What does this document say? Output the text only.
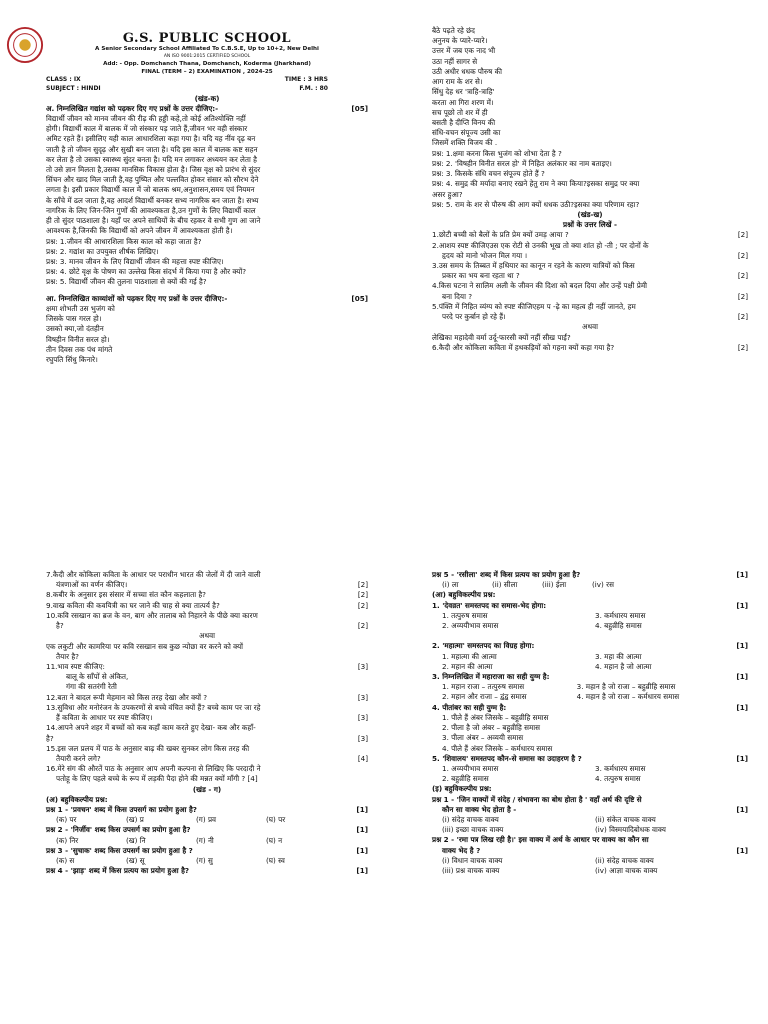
G.S. PUBLIC SCHOOL
A Senior Secondary School Affiliated To C.B.S.E, Up to 10+2, New Delhi
AN ISO 9001:2015 CERTIFIED SCHOOL
Add: - Opp. Domchanch Thana, Domchanch, Koderma (Jharkhand)
FINAL (TERM – 2) EXAMINATION , 2024-25
CLASS : IX	TIME : 3 HRS
SUBJECT : HINDI	F.M. : 80
(खंड-क)
अ. निम्नलिखित गद्यांश को पढ़कर दिए गए प्रश्नों के उत्तर दीजिए:-	[05]
विद्यार्थी जीवन को मानव जीवन की रीढ़ की हड्डी कहे,तो कोई अतिश्योक्ति नहीं
होगी। विद्यार्थी काल में बालक में जो संस्कार पड़ जाते हैं,जीवन भर वही संस्कार
अमिट रहते हैं। इसीलिए यही काल आधारशिला कहा गया है। यदि यह नींव दृढ़ बन
जाती है तो जीवन सुदृढ़ और सुखी बन जाता है। यदि इस काल में बालक कष्ट सहन
कर लेता है तो उसका स्वास्थ्य सुंदर बनता है। यदि मन लगाकर अध्ययन कर लेता है
तो उसे ज्ञान मिलता है,उसका मानसिक विकास होता है। जिस वृक्ष को प्रारंभ से सुंदर
सिंचन और खाद मिल जाती है,वह पुष्पित और पल्लवित होकर संसार को सौरभ देने
लगता है। इसी प्रकार विद्यार्थी काल में जो बालक श्रम,अनुशासन,समय एवं नियमन
के साँचे में ढल जाता है,वह आदर्श विद्यार्थी बनकर सभ्य नागरिक बन जाता है। सभ्य
नागरिक के लिए जिन-जिन गुणों की आवश्यकता है,उन गुणों के लिए विद्यार्थी काल
ही तो सुंदर पाठशाला है। यहाँ पर अपने साथियों के बीच रहकर वे सभी गुण आ जाने
आवश्यक है,जिनकी कि विद्यार्थी को अपने जीवन में आवश्यकता होती है।
प्रश्न: 1.जीवन की आधारशिला किस काल को कहा जाता है?
प्रश्न: 2. गद्यांश का उपयुक्त शीर्षक लिखिए।
प्रश्न: 3. मानव जीवन के लिए विद्यार्थी जीवन की महत्ता स्पष्ट कीजिए।
प्रश्न: 4. छोटे वृक्ष के पोषण का उल्लेख किस संदर्भ में किया गया है और क्यों?
प्रश्न: 5. विद्यार्थी जीवन की तुलना पाठशाला से क्यों की गई है?
आ. निम्नलिखित काव्यांशों को पढ़कर दिए गए प्रश्नों के उत्तर दीजिए:-	[05]
क्षमा शोभती उस भुजंग को
जिसके पास गरल हो।
उसको क्या,जो दंतहीन
विषहीन विनीत सरल हो।
तीन दिवस तक पंथ मांगते
रघुपति सिंधु किनारे।
बैठे पढ़ते रहे छंद
अनुनय के प्यारे-प्यारे।
उत्तर में जब एक नाद भी
उठा नहीं सागर से
उठी अधीर धधक पौरुष की
आग राम के शर से।
सिंधु देह धर 'त्राहि-त्राहि'
करता आ गिरा शरण में।
सच पूछो तो शर में ही
बसती है दीप्ति विनय की
संधि-वचन संपूज्य उसी का
जिसमें शक्ति विजय की .
प्रश्न: 1.क्षमा करना किस भुजंग को शोभा देता है ?
प्रश्न: 2. 'विषहीन विनीत सरल हो' में निहित अलंकार का नाम बताइए।
प्रश्न: 3. किसके संधि वचन संपूज्य होते हैं ?
प्रश्न: 4. समुद्र की मर्यादा बनाए रखने हेतु राम ने क्या किया?इसका समुद्र पर क्या
असर हुआ?
प्रश्न: 5. राम के शर से पौरुष की आग क्यों धधक उठी?इसका क्या परिणाम रहा?
(खंड-ख)
प्रश्नों के उत्तर लिखें -
1.छोटी बच्ची को बैलों के प्रति प्रेम क्यों उमड़ आया ?	[2]
2.आशय स्पष्ट कीजिएउस एक रोटी से उनकी भूख तो क्या शांत हो -ती ; पर दोनों के
हृदय को मानो भोजन मिल गया ।	[2]
3.उस समय के तिब्बत में हथियार का कानून न रहने के कारण यात्रियों को किस
प्रकार का भय बना रहता था ?	[2]
4.किस घटना ने सालिम अली के जीवन की दिशा को बदल दिया और उन्हें पक्षी प्रेमी
बना दिया ?	[2]
5.पंक्ति में निहित व्यंग्य को स्पष्ट कीजिएहम प -ढ़े का महत्व ही नहीं जानते, हम
परदे पर कुर्बान हो रहे हैं।	[2]
अथवा
लेखिका महादेवी वर्मा उर्दू-फारसी क्यों नहीं सीख पाईं?
6.कैदी और कोकिला कविता में हथकड़ियों को गहना क्यों कहा गया है?	[2]
7.कैदी और कोकिला कविता के आधार पर पराधीन भारत की जेलों में दी जाने वाली
यंत्रणाओं का वर्णन कीजिए।	[2]
8.कबीर के अनुसार इस संसार में सच्चा संत कौन कहलाता है?	[2]
9.वाख कविता की कवयित्री का घर जाने की चाह से क्या तात्पर्य है?	[2]
10.कवि रसखान का ब्रज के वन, बाग और तालाब को निहारने के पीछे क्या कारण
है?	[2]
अथवा
एक लकुटी और कामरिया पर कवि रसखान सब कुछ न्योछा वर करने को क्यों
तैयार है?
11.भाव स्पष्ट कीजिए:	[3]
बालू के साँपों से अंकित,
गंगा की सतरंगी रेती
12.बता ने बादल रूपी मेहमान को किस तरह देखा और क्यों ?	[3]
13.सुविधा और मनोरंजन के उपकरणों से बच्चे वंचित क्यों हैं? बच्चे काम पर जा रहे
हैं कविता के आधार पर स्पष्ट कीजिए।	[3]
14.आपने अपने शहर में बच्चों को कब कहाँ काम करते हुए देखा- कब और कहाँ-
है?	[3]
15.इस जल प्रलय में पाठ के अनुसार बाढ़ की खबर सुनकर लोग किस तरह की
तैयारी करने लगे?	[4]
16.मेरे संग की औरतें पाठ के अनुसार आप अपनी कल्पना से लिखिए कि परदादी ने
पतोहू के लिए पहले बच्चे के रूप में लड़की पैदा होने की मन्नत क्यों माँगी ? [4]
(खंड - ग)
(अ) बहुविकल्पीय प्रश्न:
प्रश्न 1 - 'प्रवचन' शब्द में किस उपसर्ग का प्रयोग हुआ है?	[1]
(क) पर	(ख) प्र	(ग) प्रव	(घ) पर
प्रश्न 2 - 'निर्जीव' शब्द किस उपसर्ग का प्रयोग हुआ है?	[1]
(क) निर	(ख) नि	(ग) नी	(घ) न
प्रश्न 3 - 'सुचाक' शब्द किस उपसर्ग का प्रयोग हुआ है ?	[1]
(क) स	(ख) सू	(ग) सु	(घ) स्व
प्रश्न 4 - 'झाड़' शब्द में किस प्रत्यय का प्रयोग हुआ है?	[1]
प्रश्न 5 - 'रसीला' शब्द में किस प्रत्यय का प्रयोग हुआ है?	[1]
(i) ला	(ii) सीला	(iii) ईला	(iv) रस
(आ) बहुविकल्पीय प्रश्न:
1. 'देवव्रत' समस्तपद का समास-भेद होगा:	[1]
1. तत्पुरुष समास	3. कर्मधारय समास
2. अव्ययीभाव समास	4. बहुव्रीहि समास
2. 'महात्मा' समस्तपद का विग्रह होगा:	[1]
1. महात्मा की आत्मा	3. महा की आत्मा
2. महान की आत्मा	4. महान है जो आत्मा
3. निम्नलिखित में महाराजा का सही युग्म है:	[1]
1. महान राजा – तत्पुरुष समास	3. महान है जो राजा – बहुव्रीहि समास
2. महान और राजा – द्वंद्व समास	4. महान है जो राजा – कर्मधारय समास
4. पीतांबर का सही युग्म है:	[1]
1. पीले हैं अंबर जिसके – बहुव्रीहि समास
2. पीला है जो अंबर – बहुव्रीहि समास
3. पीला अंबर – अव्ययी समास
4. पीले हैं अंबर जिसके – कर्मधारय समास
5. 'शिवालय' समस्तपद कौन-से समास का उदाहरण है ?	[1]
1. अव्ययीभाव समास	3. कर्मधारय समास
2. बहुव्रीहि समास	4. तत्पुरुष समास
(इ) बहुविकल्पीय प्रश्न:
प्रश्न 1 - 'जिन वाक्यों में संदेह / संभावना का बोध होता है ' वहाँ अर्थ की दृष्टि से
कौन सा वाक्य भेद होता है -	[1]
(i) संदेह वाचक वाक्य	(ii) संकेत वाचक वाक्य
(iii) इच्छा वाचक वाक्य	(iv) विस्मयादिबोधक वाक्य
प्रश्न 2 - 'रमा पत्र लिख रही है।' इस वाक्य में अर्थ के आधार पर वाक्य का कौन सा
वाक्य भेद है ?	[1]
(i) विधान वाचक वाक्य	(ii) संदेह वाचक वाक्य
(iii) प्रश्न वाचक वाक्य	(iv) आज्ञा वाचक वाक्य
